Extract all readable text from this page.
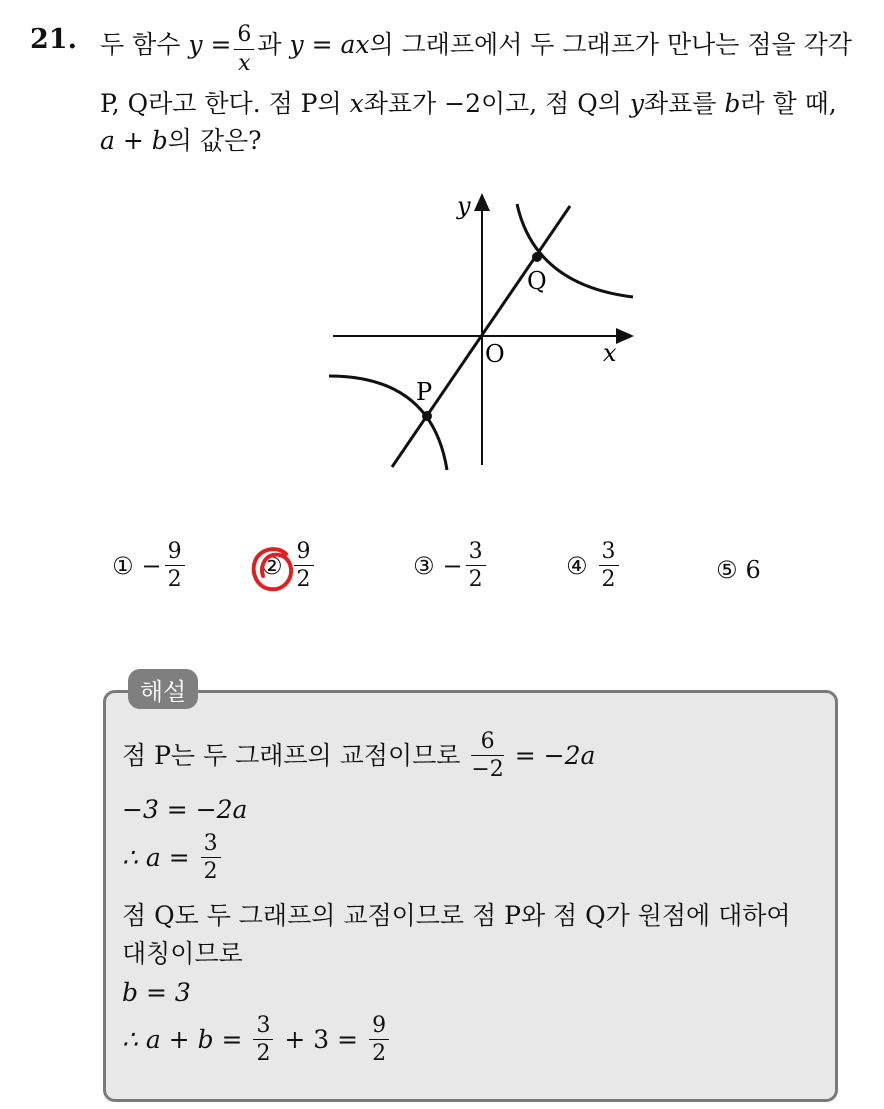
21. 두 함수
y
= $\frac{6}{x}$ 과
y
=
ax 의 그래프에서 두 그래프가 만나는 점을 각각
P, Q라고 한다. 점 P의 x좌표가 −2이고, 점 Q의 y좌표를 b라 할 때,
a + b의 값은?
y
x
O
Q
P
① − $\frac{9}{2}$	② $\frac{9}{2}$	③ − $\frac{3}{2}$	④ $\frac{3}{2}$	⑤ 6
해설
점 P는 두 그래프의 교점이므로
$\frac{6}{-2}$
= −2a
−3 = −2a
∴ a =
$\frac{3}{2}$
점 Q도 두 그래프의 교점이므로 점 P와 점 Q가 원점에 대하여
대칭이므로
b = 3
∴ a + b =
$\frac{3}{2}$
+ 3 =
$\frac{9}{2}$
